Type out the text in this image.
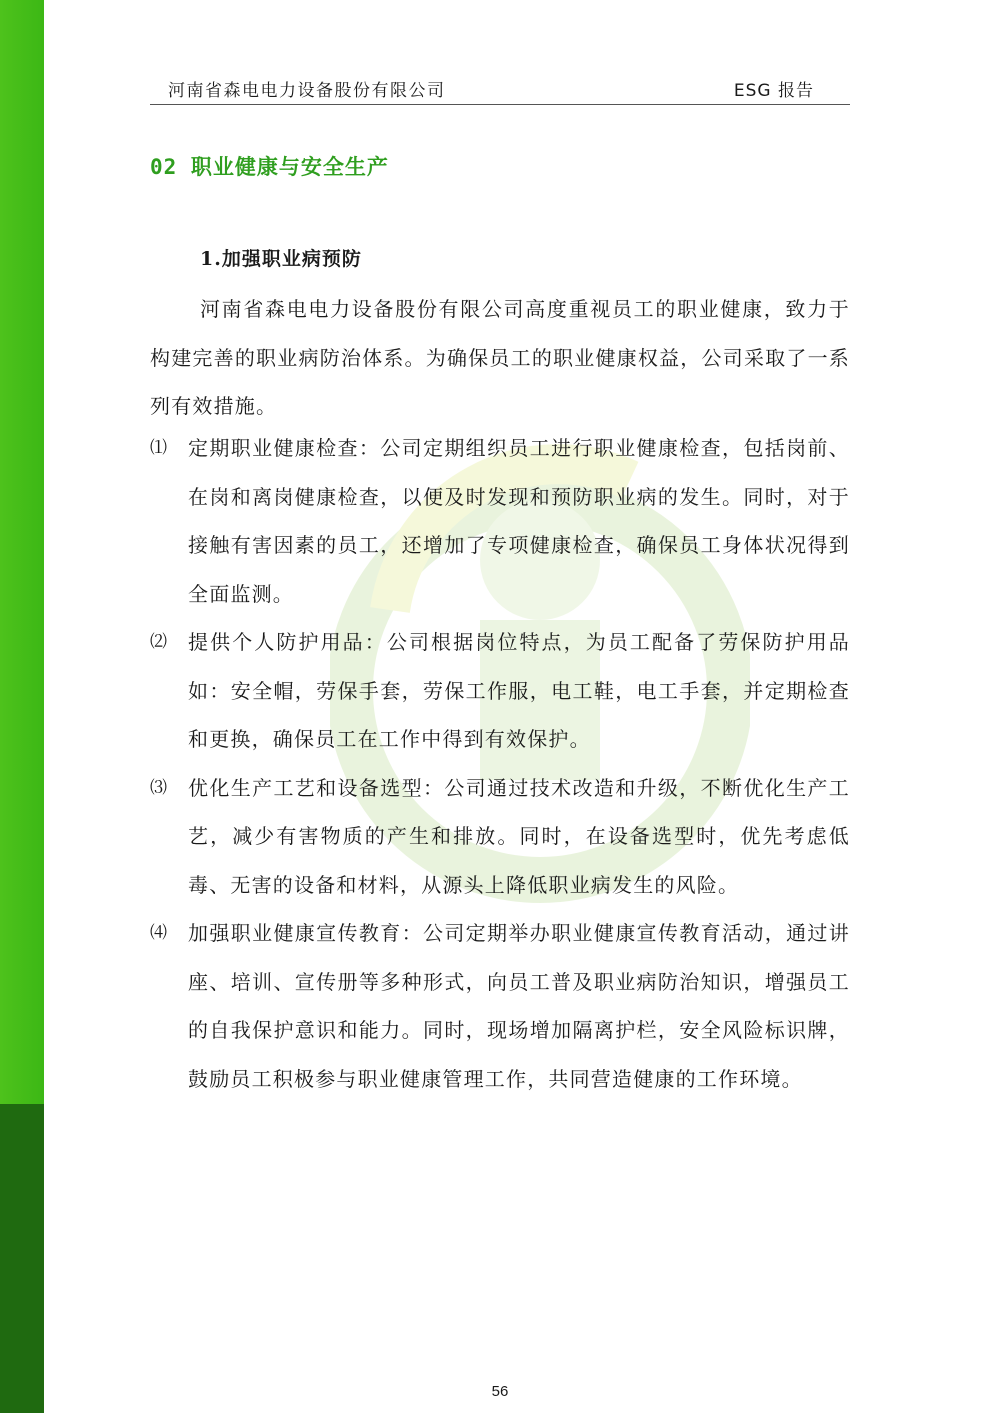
河南省森电电力设备股份有限公司	ESG 报告
02 职业健康与安全生产
1.加强职业病预防

河南省森电电力设备股份有限公司高度重视员工的职业健康，致力于构建完善的职业病防治体系。为确保员工的职业健康权益，公司采取了一系列有效措施。

⑴ 定期职业健康检查：公司定期组织员工进行职业健康检查，包括岗前、在岗和离岗健康检查，以便及时发现和预防职业病的发生。同时，对于接触有害因素的员工，还增加了专项健康检查，确保员工身体状况得到全面监测。
⑵ 提供个人防护用品：公司根据岗位特点，为员工配备了劳保防护用品如：安全帽，劳保手套，劳保工作服，电工鞋，电工手套，并定期检查和更换，确保员工在工作中得到有效保护。
⑶ 优化生产工艺和设备选型：公司通过技术改造和升级，不断优化生产工艺，减少有害物质的产生和排放。同时，在设备选型时，优先考虑低毒、无害的设备和材料，从源头上降低职业病发生的风险。
⑷ 加强职业健康宣传教育：公司定期举办职业健康宣传教育活动，通过讲座、培训、宣传册等多种形式，向员工普及职业病防治知识，增强员工的自我保护意识和能力。同时，现场增加隔离护栏，安全风险标识牌，鼓励员工积极参与职业健康管理工作，共同营造健康的工作环境。
56
